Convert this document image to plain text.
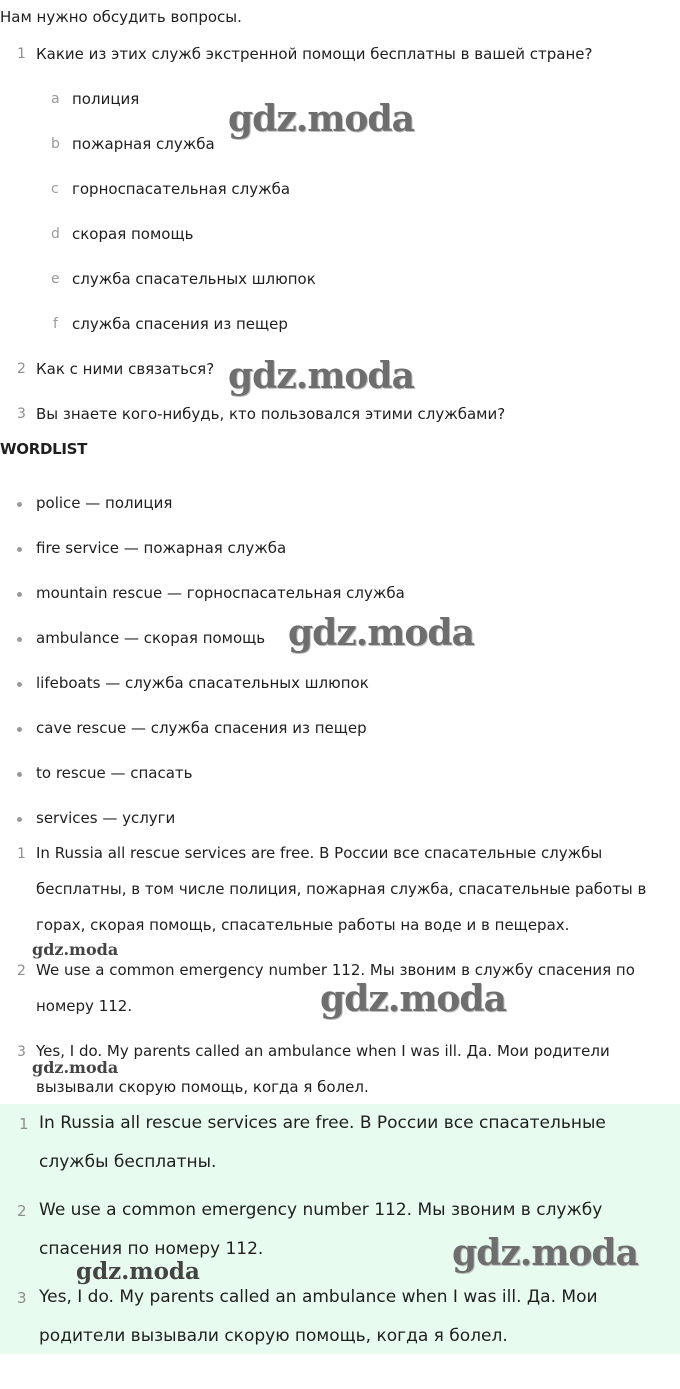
Нам нужно обсудить вопросы.
1 Какие из этих служб экстренной помощи бесплатны в вашей стране?
a полиция
b пожарная служба
c горноспасательная служба
d скорая помощь
e служба спасательных шлюпок
f служба спасения из пещер
2 Как с ними связаться?
3 Вы знаете кого-нибудь, кто пользовался этими службами?
WORDLIST
police — полиция
fire service — пожарная служба
mountain rescue — горноспасательная служба
ambulance — скорая помощь
lifeboats — служба спасательных шлюпок
cave rescue — служба спасения из пещер
to rescue — спасать
services — услуги
1 In Russia all rescue services are free. В России все спасательные службы бесплатны, в том числе полиция, пожарная служба, спасательные работы в горах, скорая помощь, спасательные работы на воде и в пещерах.
2 We use a common emergency number 112. Мы звоним в службу спасения по номеру 112.
3 Yes, I do. My parents called an ambulance when I was ill. Да. Мои родители вызывали скорую помощь, когда я болел.
1 In Russia all rescue services are free. В России все спасательные службы бесплатны.
2 We use a common emergency number 112. Мы звоним в службу спасения по номеру 112.
3 Yes, I do. My parents called an ambulance when I was ill. Да. Мои родители вызывали скорую помощь, когда я болел.
gdz.moda
gdz.moda
gdz.moda
gdz.moda
gdz.moda
gdz.moda
gdz.moda
gdz.moda
